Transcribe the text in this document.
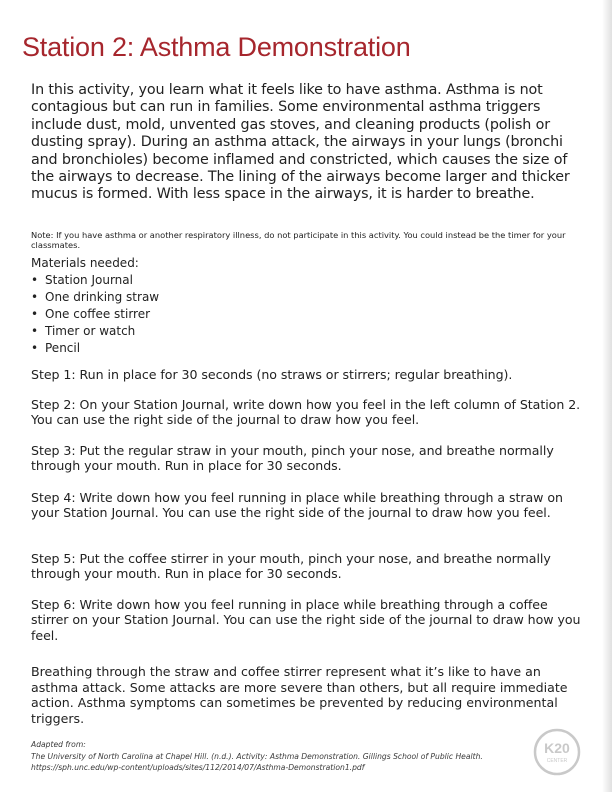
Station 2: Asthma Demonstration

In this activity, you learn what it feels like to have asthma. Asthma is not contagious but can run in families. Some environmental asthma triggers include dust, mold, unvented gas stoves, and cleaning products (polish or dusting spray). During an asthma attack, the airways in your lungs (bronchi and bronchioles) become inflamed and constricted, which causes the size of the airways to decrease. The lining of the airways become larger and thicker mucus is formed. With less space in the airways, it is harder to breathe.

Note: If you have asthma or another respiratory illness, do not participate in this activity. You could instead be the timer for your classmates.

Materials needed:
• Station Journal
• One drinking straw
• One coffee stirrer
• Timer or watch
• Pencil

Step 1: Run in place for 30 seconds (no straws or stirrers; regular breathing).

Step 2: On your Station Journal, write down how you feel in the left column of Station 2. You can use the right side of the journal to draw how you feel.

Step 3: Put the regular straw in your mouth, pinch your nose, and breathe normally through your mouth. Run in place for 30 seconds.

Step 4: Write down how you feel running in place while breathing through a straw on your Station Journal. You can use the right side of the journal to draw how you feel.

Step 5: Put the coffee stirrer in your mouth, pinch your nose, and breathe normally through your mouth. Run in place for 30 seconds.

Step 6: Write down how you feel running in place while breathing through a coffee stirrer on your Station Journal. You can use the right side of the journal to draw how you feel.

Breathing through the straw and coffee stirrer represent what it’s like to have an asthma attack. Some attacks are more severe than others, but all require immediate action. Asthma symptoms can sometimes be prevented by reducing environmental triggers.

Adapted from:
The University of North Carolina at Chapel Hill. (n.d.). Activity: Asthma Demonstration. Gillings School of Public Health.
https://sph.unc.edu/wp-content/uploads/sites/112/2014/07/Asthma-Demonstration1.pdf
K20
CENTER
